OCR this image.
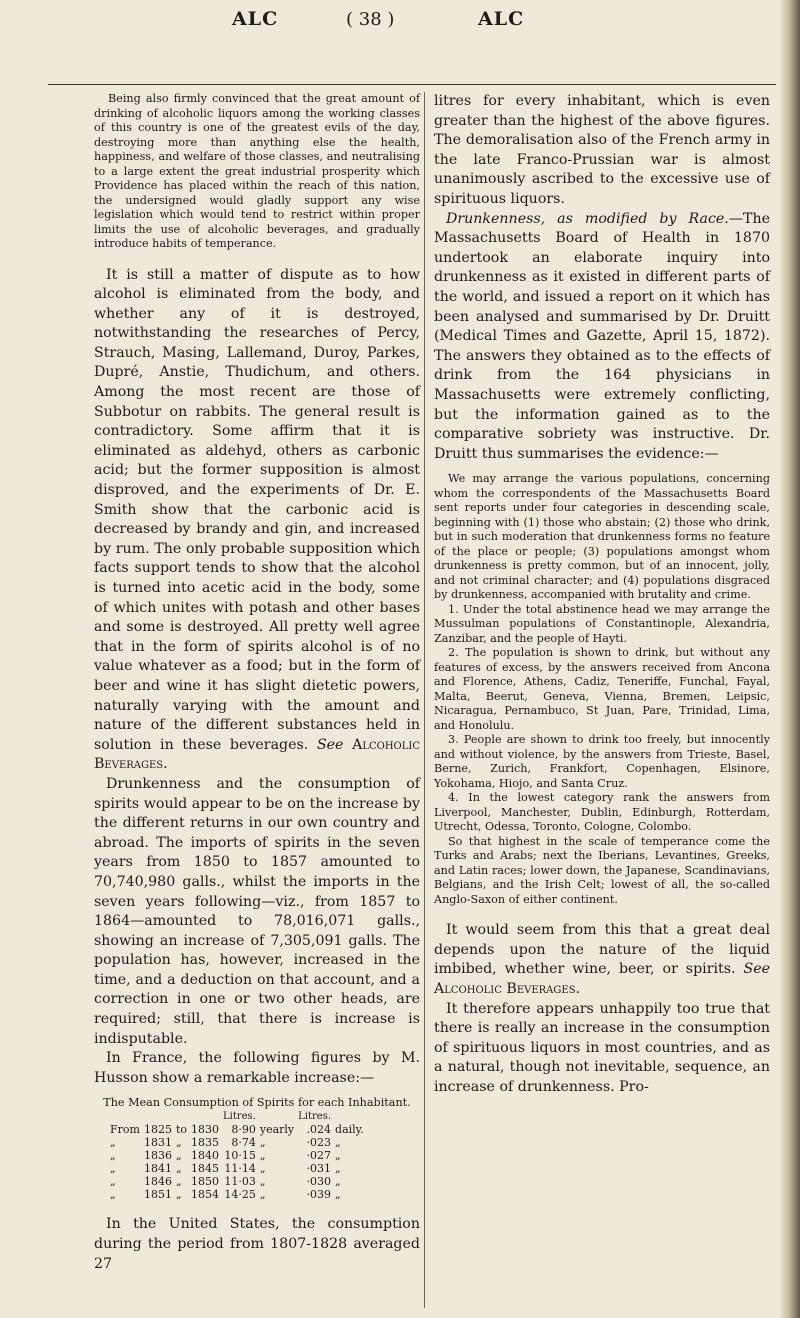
ALC	( 38 )	ALC

Being also firmly convinced that the great amount of drinking of alcoholic liquors among the working classes of this country is one of the greatest evils of the day, destroying more than anything else the health, happiness, and welfare of those classes, and neutralising to a large extent the great industrial prosperity which Providence has placed within the reach of this nation, the undersigned would gladly support any wise legislation which would tend to restrict within proper limits the use of alcoholic beverages, and gradually introduce habits of temperance.

It is still a matter of dispute as to how alcohol is eliminated from the body, and whether any of it is destroyed, notwithstanding the researches of Percy, Strauch, Masing, Lallemand, Duroy, Parkes, Dupré, Anstie, Thudichum, and others. Among the most recent are those of Subbotur on rabbits. The general result is contradictory. Some affirm that it is eliminated as aldehyd, others as carbonic acid; but the former supposition is almost disproved, and the experiments of Dr. E. Smith show that the carbonic acid is decreased by brandy and gin, and increased by rum. The only probable supposition which facts support tends to show that the alcohol is turned into acetic acid in the body, some of which unites with potash and other bases and some is destroyed. All pretty well agree that in the form of spirits alcohol is of no value whatever as a food; but in the form of beer and wine it has slight dietetic powers, naturally varying with the amount and nature of the different substances held in solution in these beverages. See Alcoholic Beverages.

Drunkenness and the consumption of spirits would appear to be on the increase by the different returns in our own country and abroad. The imports of spirits in the seven years from 1850 to 1857 amounted to 70,740,980 galls., whilst the imports in the seven years following—viz., from 1857 to 1864—amounted to 78,016,071 galls., showing an increase of 7,305,091 galls. The population has, however, increased in the time, and a deduction on that account, and a correction in one or two other heads, are required; still, that there is increase is indisputable.

In France, the following figures by M. Husson show a remarkable increase:—

The Mean Consumption of Spirits for each Inhabitant.
				Litres.		Litres.	
From	1825	to	1830	8·90	yearly	.024	daily.
„	1831	„	1835	8·74	„	·023	„
„	1836	„	1840	10·15	„	·027	„
„	1841	„	1845	11·14	„	·031	„
„	1846	„	1850	11·03	„	·030	„
„	1851	„	1854	14·25	„	·039	„

In the United States, the consumption during the period from 1807-1828 averaged 27

litres for every inhabitant, which is even greater than the highest of the above figures. The demoralisation also of the French army in the late Franco-Prussian war is almost unanimously ascribed to the excessive use of spirituous liquors.

Drunkenness, as modified by Race.—The Massachusetts Board of Health in 1870 undertook an elaborate inquiry into drunkenness as it existed in different parts of the world, and issued a report on it which has been analysed and summarised by Dr. Druitt (Medical Times and Gazette, April 15, 1872). The answers they obtained as to the effects of drink from the 164 physicians in Massachusetts were extremely conflicting, but the information gained as to the comparative sobriety was instructive. Dr. Druitt thus summarises the evidence:—

We may arrange the various populations, concerning whom the correspondents of the Massachusetts Board sent reports under four categories in descending scale, beginning with (1) those who abstain; (2) those who drink, but in such moderation that drunkenness forms no feature of the place or people; (3) populations amongst whom drunkenness is pretty common, but of an innocent, jolly, and not criminal character; and (4) populations disgraced by drunkenness, accompanied with brutality and crime.

1. Under the total abstinence head we may arrange the Mussulman populations of Constantinople, Alexandria, Zanzibar, and the people of Hayti.

2. The population is shown to drink, but without any features of excess, by the answers received from Ancona and Florence, Athens, Cadiz, Teneriffe, Funchal, Fayal, Malta, Beerut, Geneva, Vienna, Bremen, Leipsic, Nicaragua, Pernambuco, St Juan, Pare, Trinidad, Lima, and Honolulu.

3. People are shown to drink too freely, but innocently and without violence, by the answers from Trieste, Basel, Berne, Zurich, Frankfort, Copenhagen, Elsinore, Yokohama, Hiojo, and Santa Cruz.

4. In the lowest category rank the answers from Liverpool, Manchester, Dublin, Edinburgh, Rotterdam, Utrecht, Odessa, Toronto, Cologne, Colombo.

So that highest in the scale of temperance come the Turks and Arabs; next the Iberians, Levantines, Greeks, and Latin races; lower down, the Japanese, Scandinavians, Belgians, and the Irish Celt; lowest of all, the so-called Anglo-Saxon of either continent.

It would seem from this that a great deal depends upon the nature of the liquid imbibed, whether wine, beer, or spirits. See Alcoholic Beverages.

It therefore appears unhappily too true that there is really an increase in the consumption of spirituous liquors in most countries, and as a natural, though not inevitable, sequence, an increase of drunkenness. Pro-
